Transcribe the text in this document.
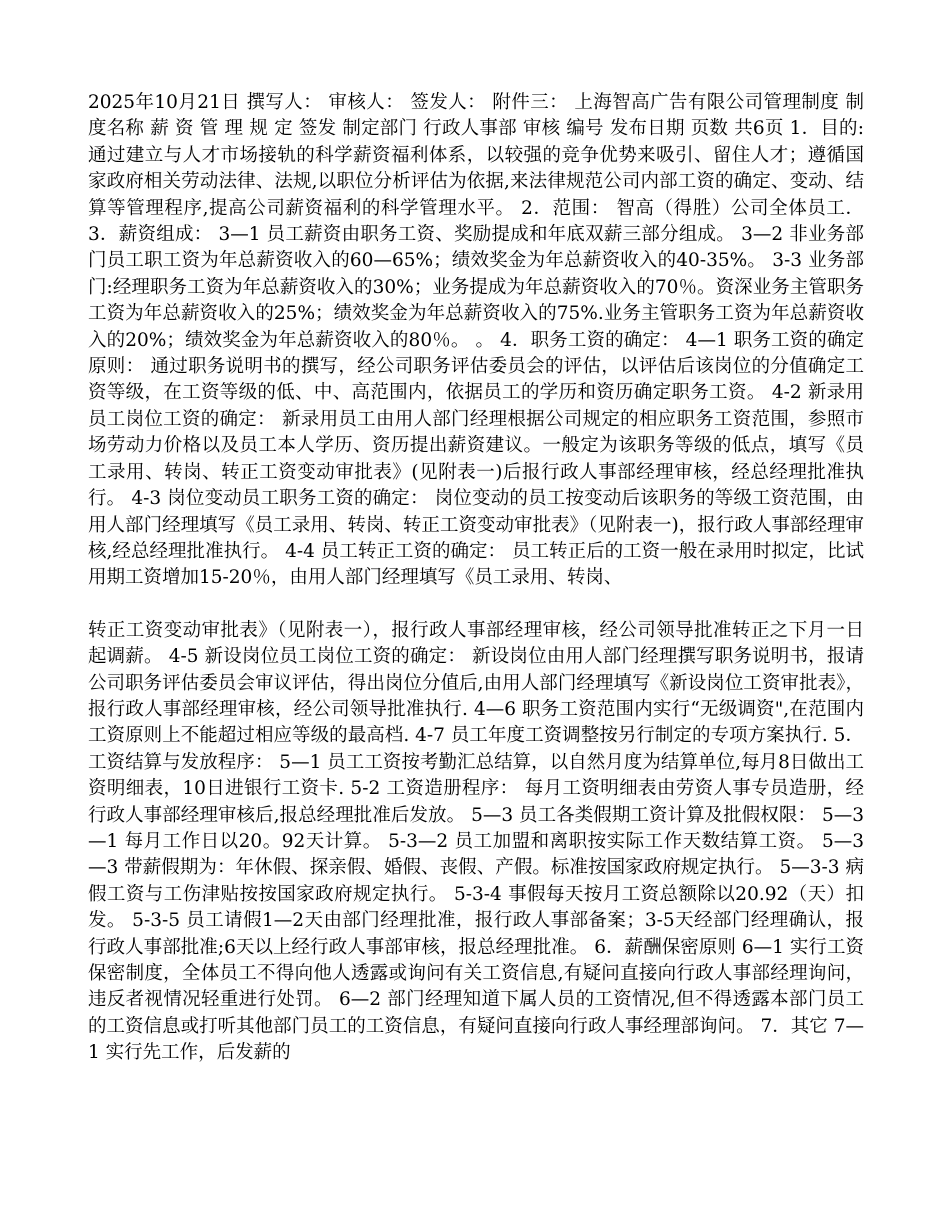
2025年10月21日 撰写人： 审核人： 签发人： 附件三： 上海智高广告有限公司管理制度 制度名称 薪 资 管 理 规 定 签发 制定部门 行政人事部 审核 编号 发布日期 页数 共6页 1．目的: 通过建立与人才市场接轨的科学薪资福利体系，以较强的竞争优势来吸引、留住人才；遵循国家政府相关劳动法律、法规,以职位分析评估为依据,来法律规范公司内部工资的确定、变动、结算等管理程序,提高公司薪资福利的科学管理水平。 2．范围： 智高（得胜）公司全体员工． 3．薪资组成： 3—1 员工薪资由职务工资、奖励提成和年底双薪三部分组成。 3—2 非业务部门员工职工资为年总薪资收入的60—65%；绩效奖金为年总薪资收入的40-35%。 3-3 业务部门:经理职务工资为年总薪资收入的30%；业务提成为年总薪资收入的70％。资深业务主管职务工资为年总薪资收入的25%；绩效奖金为年总薪资收入的75%.业务主管职务工资为年总薪资收入的20%；绩效奖金为年总薪资收入的80％。 。 4．职务工资的确定： 4—1 职务工资的确定原则： 通过职务说明书的撰写，经公司职务评估委员会的评估，以评估后该岗位的分值确定工资等级，在工资等级的低、中、高范围内，依据员工的学历和资历确定职务工资。 4-2 新录用员工岗位工资的确定： 新录用员工由用人部门经理根据公司规定的相应职务工资范围，参照市场劳动力价格以及员工本人学历、资历提出薪资建议。一般定为该职务等级的低点，填写《员工录用、转岗、转正工资变动审批表》(见附表一)后报行政人事部经理审核，经总经理批准执行。 4-3 岗位变动员工职务工资的确定： 岗位变动的员工按变动后该职务的等级工资范围，由用人部门经理填写《员工录用、转岗、转正工资变动审批表》（见附表一)，报行政人事部经理审核,经总经理批准执行。 4-4 员工转正工资的确定： 员工转正后的工资一般在录用时拟定，比试用期工资增加15-20％，由用人部门经理填写《员工录用、转岗、

转正工资变动审批表》（见附表一），报行政人事部经理审核，经公司领导批准转正之下月一日起调薪。 4-5 新设岗位员工岗位工资的确定： 新设岗位由用人部门经理撰写职务说明书，报请公司职务评估委员会审议评估，得出岗位分值后,由用人部门经理填写《新设岗位工资审批表》，报行政人事部经理审核，经公司领导批准执行. 4—6 职务工资范围内实行“无级调资",在范围内工资原则上不能超过相应等级的最高档. 4-7 员工年度工资调整按另行制定的专项方案执行. 5．工资结算与发放程序： 5—1 员工工资按考勤汇总结算，以自然月度为结算单位,每月8日做出工资明细表，10日进银行工资卡. 5-2 工资造册程序： 每月工资明细表由劳资人事专员造册，经行政人事部经理审核后,报总经理批准后发放。 5—3 员工各类假期工资计算及批假权限： 5—3—1 每月工作日以20。92天计算。 5-3—2 员工加盟和离职按实际工作天数结算工资。 5—3—3 带薪假期为：年休假、探亲假、婚假、丧假、产假。标准按国家政府规定执行。 5—3-3 病假工资与工伤津贴按按国家政府规定执行。 5-3-4 事假每天按月工资总额除以20.92（天）扣发。 5-3-5 员工请假1—2天由部门经理批准，报行政人事部备案；3-5天经部门经理确认，报行政人事部批准;6天以上经行政人事部审核，报总经理批准。 6．薪酬保密原则 6—1 实行工资保密制度，全体员工不得向他人透露或询问有关工资信息,有疑问直接向行政人事部经理询问，违反者视情况轻重进行处罚。 6—2 部门经理知道下属人员的工资情况,但不得透露本部门员工的工资信息或打听其他部门员工的工资信息，有疑问直接向行政人事经理部询问。 7．其它 7—1 实行先工作，后发薪的
